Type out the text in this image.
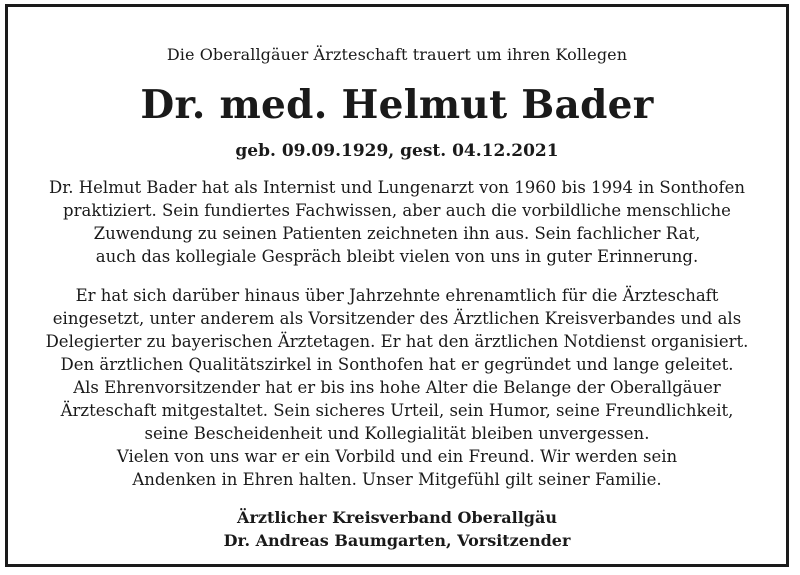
Die Oberallgäuer Ärzteschaft trauert um ihren Kollegen
Dr. med. Helmut Bader
geb. 09.09.1929, gest. 04.12.2021
Dr. Helmut Bader hat als Internist und Lungenarzt von 1960 bis 1994 in Sonthofen
praktiziert. Sein fundiertes Fachwissen, aber auch die vorbildliche menschliche
Zuwendung zu seinen Patienten zeichneten ihn aus. Sein fachlicher Rat,
auch das kollegiale Gespräch bleibt vielen von uns in guter Erinnerung.
Er hat sich darüber hinaus über Jahrzehnte ehrenamtlich für die Ärzteschaft
eingesetzt, unter anderem als Vorsitzender des Ärztlichen Kreisverbandes und als
Delegierter zu bayerischen Ärztetagen. Er hat den ärztlichen Notdienst organisiert.
Den ärztlichen Qualitätszirkel in Sonthofen hat er gegründet und lange geleitet.
Als Ehrenvorsitzender hat er bis ins hohe Alter die Belange der Oberallgäuer
Ärzteschaft mitgestaltet. Sein sicheres Urteil, sein Humor, seine Freundlichkeit,
seine Bescheidenheit und Kollegialität bleiben unvergessen.
Vielen von uns war er ein Vorbild und ein Freund. Wir werden sein
Andenken in Ehren halten. Unser Mitgefühl gilt seiner Familie.
Ärztlicher Kreisverband Oberallgäu
Dr. Andreas Baumgarten, Vorsitzender
